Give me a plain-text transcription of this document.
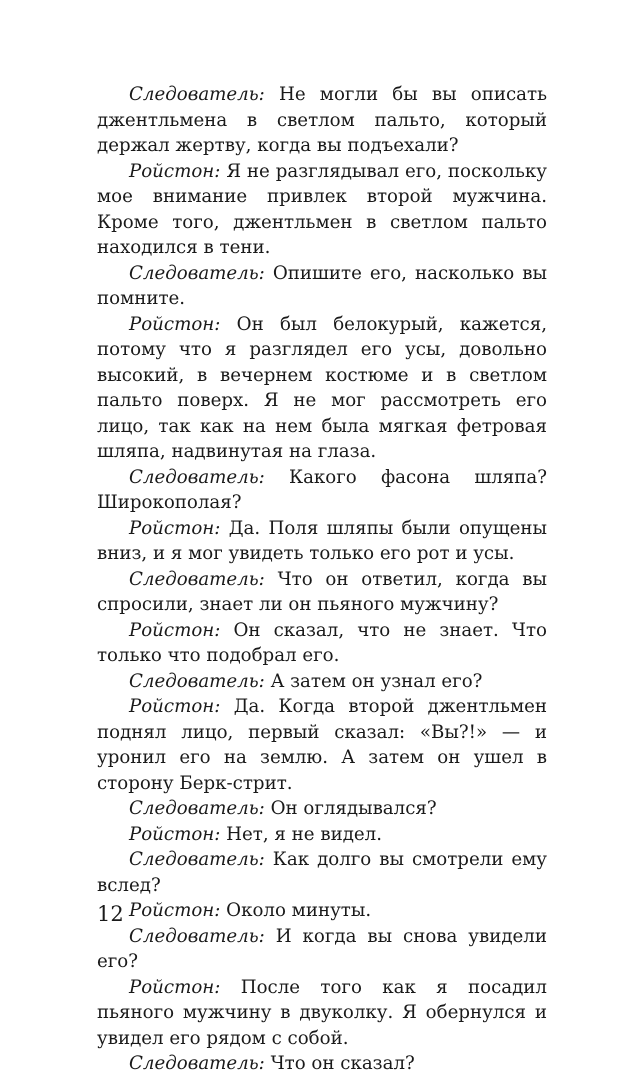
Следователь: Не могли бы вы описать джентльмена в светлом пальто, который держал жертву, когда вы подъехали?

Ройстон: Я не разглядывал его, поскольку мое внимание привлек второй мужчина. Кроме того, джентльмен в светлом пальто находился в тени.

Следователь: Опишите его, насколько вы помните.

Ройстон: Он был белокурый, кажется, потому что я разглядел его усы, довольно высокий, в вечернем костюме и в светлом пальто поверх. Я не мог рассмотреть его лицо, так как на нем была мягкая фетровая шляпа, надвинутая на глаза.

Следователь: Какого фасона шляпа? Широкополая?

Ройстон: Да. Поля шляпы были опущены вниз, и я мог увидеть только его рот и усы.

Следователь: Что он ответил, когда вы спросили, знает ли он пьяного мужчину?

Ройстон: Он сказал, что не знает. Что только что подобрал его.

Следователь: А затем он узнал его?

Ройстон: Да. Когда второй джентльмен поднял лицо, первый сказал: «Вы?!» — и уронил его на землю. А затем он ушел в сторону Берк-стрит.

Следователь: Он оглядывался?

Ройстон: Нет, я не видел.

Следователь: Как долго вы смотрели ему вслед?

Ройстон: Около минуты.

Следователь: И когда вы снова увидели его?

Ройстон: После того как я посадил пьяного мужчину в двуколку. Я обернулся и увидел его рядом с собой.

Следователь: Что он сказал?

12
